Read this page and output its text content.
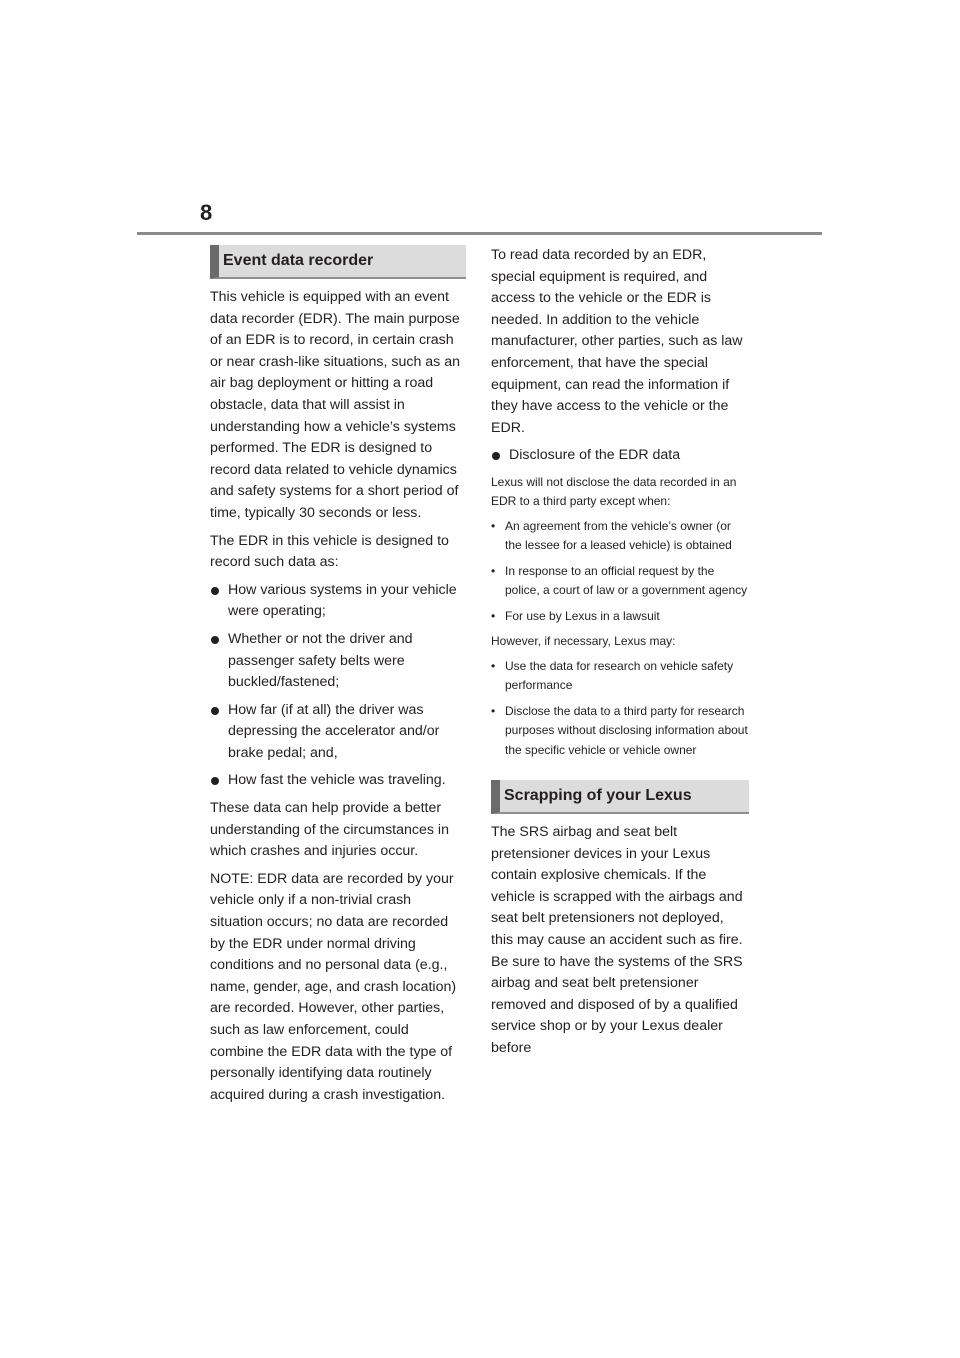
8
Event data recorder

This vehicle is equipped with an event data recorder (EDR). The main purpose of an EDR is to record, in certain crash or near crash-like situations, such as an air bag deployment or hitting a road obstacle, data that will assist in understanding how a vehicle’s systems performed. The EDR is designed to record data related to vehicle dynamics and safety systems for a short period of time, typically 30 seconds or less.

The EDR in this vehicle is designed to record such data as:

How various systems in your vehicle were operating;
Whether or not the driver and passenger safety belts were buckled/fastened;
How far (if at all) the driver was depressing the accelerator and/or brake pedal; and,
How fast the vehicle was traveling.

These data can help provide a better understanding of the circumstances in which crashes and injuries occur.

NOTE: EDR data are recorded by your vehicle only if a non-trivial crash situation occurs; no data are recorded by the EDR under normal driving conditions and no personal data (e.g., name, gender, age, and crash location) are recorded. However, other parties, such as law enforcement, could combine the EDR data with the type of personally identifying data routinely acquired during a crash investigation.

To read data recorded by an EDR, special equipment is required, and access to the vehicle or the EDR is needed. In addition to the vehicle manufacturer, other parties, such as law enforcement, that have the special equipment, can read the information if they have access to the vehicle or the EDR.

Disclosure of the EDR data

Lexus will not disclose the data recorded in an EDR to a third party except when:

• An agreement from the vehicle’s owner (or the lessee for a leased vehicle) is obtained
• In response to an official request by the police, a court of law or a government agency
• For use by Lexus in a lawsuit

However, if necessary, Lexus may:

• Use the data for research on vehicle safety performance
• Disclose the data to a third party for research purposes without disclosing information about the specific vehicle or vehicle owner
Scrapping of your Lexus

The SRS airbag and seat belt pretensioner devices in your Lexus contain explosive chemicals. If the vehicle is scrapped with the airbags and seat belt pretensioners not deployed, this may cause an accident such as fire. Be sure to have the systems of the SRS airbag and seat belt pretensioner removed and disposed of by a qualified service shop or by your Lexus dealer before
